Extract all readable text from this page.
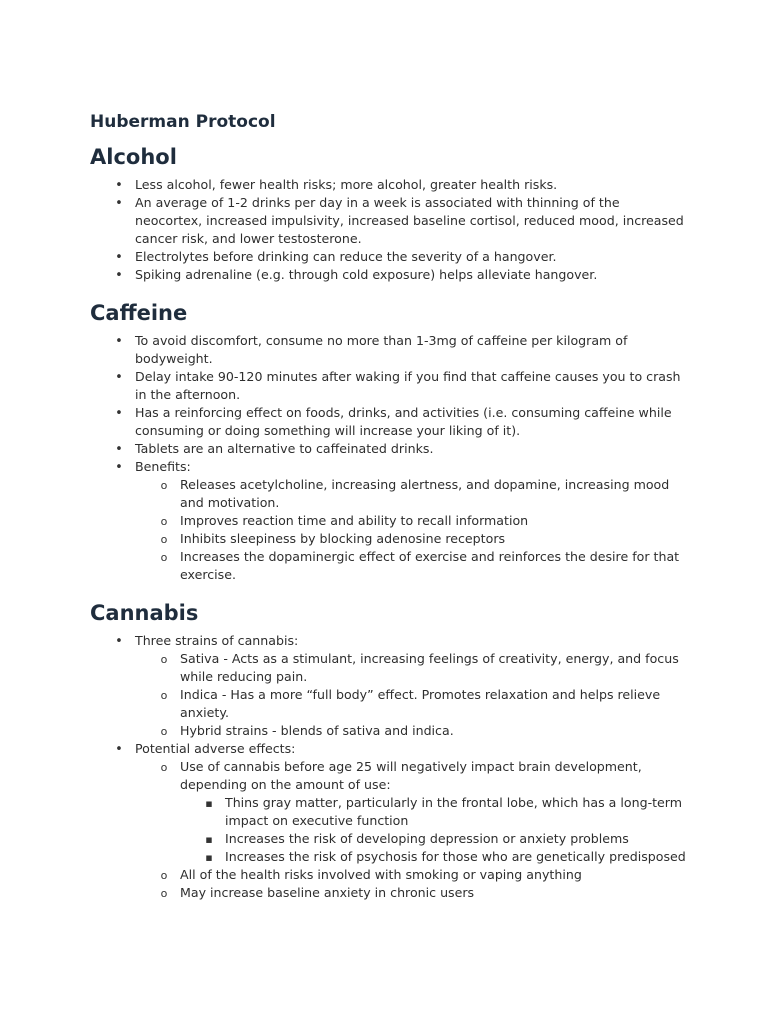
Huberman Protocol
Alcohol
•
Less alcohol, fewer health risks; more alcohol, greater health risks.
•
An average of 1-2 drinks per day in a week is associated with thinning of the neocortex, increased impulsivity, increased baseline cortisol, reduced mood, increased cancer risk, and lower testosterone.
•
Electrolytes before drinking can reduce the severity of a hangover.
•
Spiking adrenaline (e.g. through cold exposure) helps alleviate hangover.
Caffeine
•
To avoid discomfort, consume no more than 1-3mg of caffeine per kilogram of bodyweight.
•
Delay intake 90-120 minutes after waking if you find that caffeine causes you to crash in the afternoon.
•
Has a reinforcing effect on foods, drinks, and activities (i.e. consuming caffeine while consuming or doing something will increase your liking of it).
•
Tablets are an alternative to caffeinated drinks.
•
Benefits:
o
Releases acetylcholine, increasing alertness, and dopamine, increasing mood and motivation.
o
Improves reaction time and ability to recall information
o
Inhibits sleepiness by blocking adenosine receptors
o
Increases the dopaminergic effect of exercise and reinforces the desire for that exercise.
Cannabis
•
Three strains of cannabis:
o
Sativa - Acts as a stimulant, increasing feelings of creativity, energy, and focus while reducing pain.
o
Indica - Has a more “full body” effect. Promotes relaxation and helps relieve anxiety.
o
Hybrid strains - blends of sativa and indica.
•
Potential adverse effects:
o
Use of cannabis before age 25 will negatively impact brain development, depending on the amount of use:
▪
Thins gray matter, particularly in the frontal lobe, which has a long-term impact on executive function
▪
Increases the risk of developing depression or anxiety problems
▪
Increases the risk of psychosis for those who are genetically predisposed
o
All of the health risks involved with smoking or vaping anything
o
May increase baseline anxiety in chronic users
